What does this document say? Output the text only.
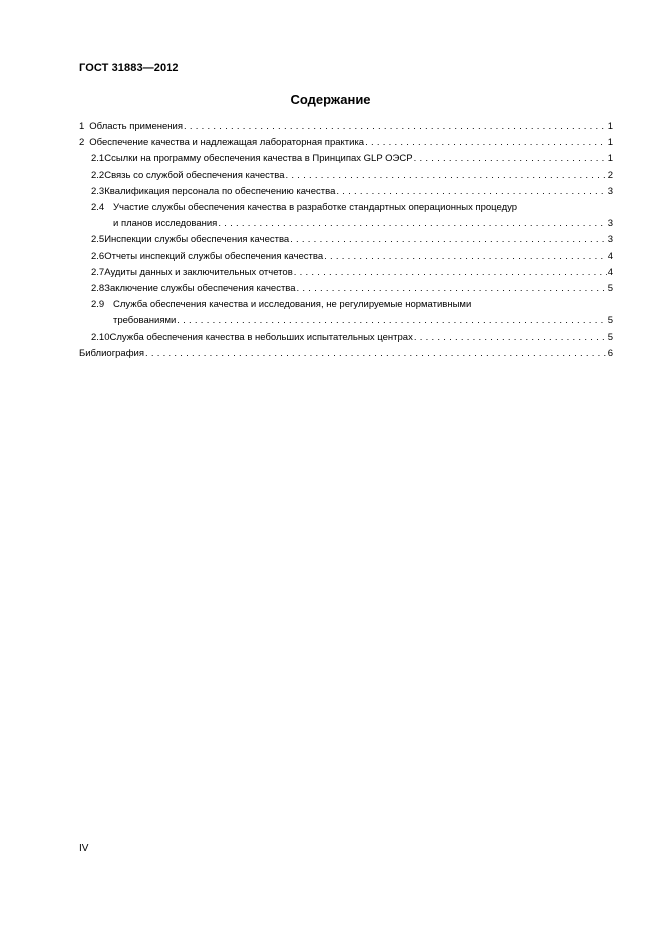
ГОСТ 31883—2012
Содержание
1 Область применения . . .	1
2 Обеспечение качества и надлежащая лабораторная практика . . .	1
2.1 Ссылки на программу обеспечения качества в Принципах GLP ОЭСР . . .	1
2.2 Связь со службой обеспечения качества . . .	2
2.3 Квалификация персонала по обеспечению качества . . .	3
2.4 Участие службы обеспечения качества в разработке стандартных операционных процедур
и планов исследования . . .	3
2.5 Инспекции службы обеспечения качества . . .	3
2.6 Отчеты инспекций службы обеспечения качества . . .	4
2.7 Аудиты данных и заключительных отчетов . . .	4
2.8 Заключение службы обеспечения качества . . .	5
2.9 Служба обеспечения качества и исследования, не регулируемые нормативными
требованиями . . .	5
2.10 Служба обеспечения качества в небольших испытательных центрах . . .	5
Библиография . . .	6
IV
